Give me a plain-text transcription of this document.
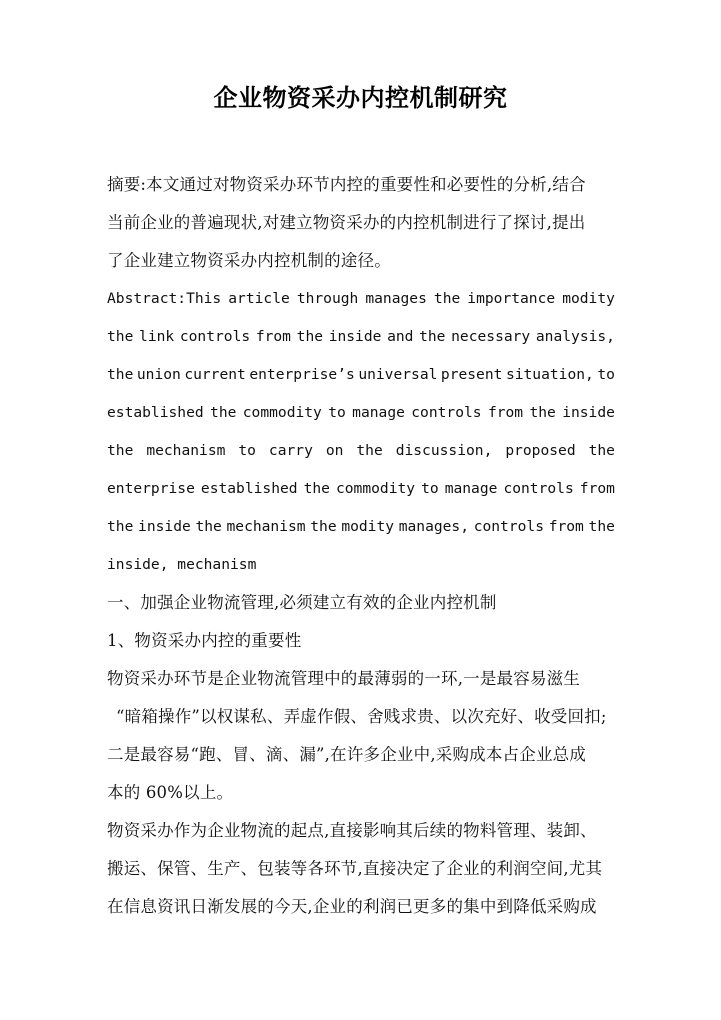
企业物资采办内控机制研究
摘要:本文通过对物资采办环节内控的重要性和必要性的分析,结合
当前企业的普遍现状,对建立物资采办的内控机制进行了探讨,提出
了企业建立物资采办内控机制的途径。
Abstract:This article through manages the importance modity
the link controls from the inside and the necessary analysis,
the union current enterprise’s universal present situation, to
established the commodity to manage controls from the inside
the mechanism to carry on the discussion, proposed the
enterprise established the commodity to manage controls from
the inside the mechanism the modity manages, controls from the
inside, mechanism
一、加强企业物流管理,必须建立有效的企业内控机制
1、物资采办内控的重要性
物资采办环节是企业物流管理中的最薄弱的一环,一是最容易滋生
“暗箱操作”以权谋私、弄虚作假、舍贱求贵、以次充好、收受回扣;
二是最容易“跑、冒、滴、漏”,在许多企业中,采购成本占企业总成
本的 60%以上。
物资采办作为企业物流的起点,直接影响其后续的物料管理、装卸、
搬运、保管、生产、包装等各环节,直接决定了企业的利润空间,尤其
在信息资讯日渐发展的今天,企业的利润已更多的集中到降低采购成
